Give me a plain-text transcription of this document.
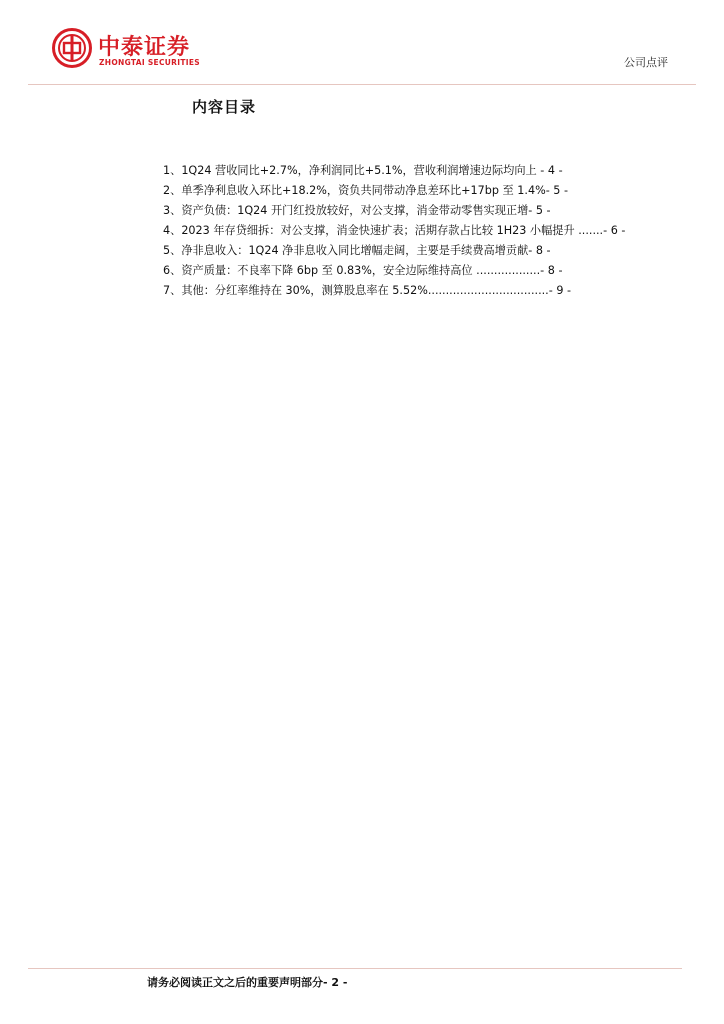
中泰证券
ZHONGTAI SECURITIES	公司点评
内容目录
1、1Q24 营收同比+2.7%，净利润同比+5.1%，营收利润增速边际均向上 - 4 -
2、单季净利息收入环比+18.2%，资负共同带动净息差环比+17bp 至 1.4%- 5 -
3、资产负债：1Q24 开门红投放较好，对公支撑，消金带动零售实现正增- 5 -
4、2023 年存贷细拆：对公支撑，消金快速扩表；活期存款占比较 1H23 小幅提升 .......- 6 -
5、净非息收入：1Q24 净非息收入同比增幅走阔，主要是手续费高增贡献- 8 -
6、资产质量：不良率下降 6bp 至 0.83%，安全边际维持高位 ..................- 8 -
7、其他：分红率维持在 30%，测算股息率在 5.52%..................................- 9 -
请务必阅读正文之后的重要声明部分- 2 -
